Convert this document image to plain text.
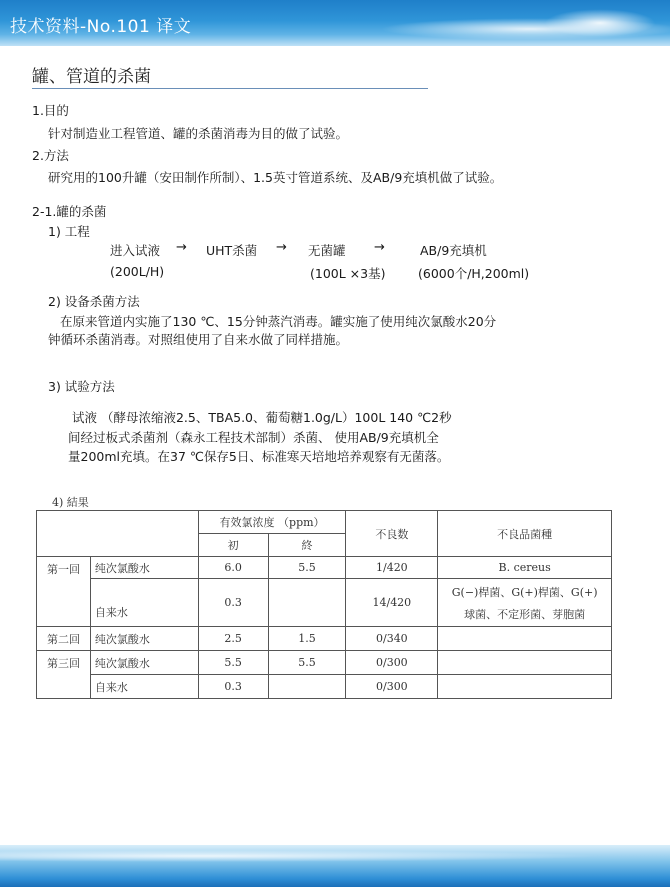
技术资料-No.101 译文
罐、管道的杀菌
1.目的
针对制造业工程管道、罐的杀菌消毒为目的做了试验。
2.方法
研究用的100升罐（安田制作所制）、1.5英寸管道系统、及AB/9充填机做了试验。
2-1.罐的杀菌
1) 工程
进入试液 → UHT杀菌 → 无菌罐 →	AB/9充填机
(200L/H)	(100L ×3基)	(6000个/H,200ml)
2) 设备杀菌方法
在原来管道内实施了130 ℃、15分钟蒸汽消毒。罐实施了使用纯次氯酸水20分
钟循环杀菌消毒。对照组使用了自来水做了同样措施。
3) 试验方法
试液 （酵母浓缩液2.5、TBA5.0、葡萄糖1.0g/L）100L 140 ℃2秒
间经过板式杀菌剂（森永工程技术部制）杀菌、 使用AB/9充填机全
量200ml充填。在37 ℃保存5日、标准寒天培地培养观察有无菌落。
4) 結果
		有效氯浓度 （ppm）		不良数	不良品菌種
		初	終		
第一回	纯次氯酸水	6.0	5.5	1/420	B. cereus
	自来水	0.3		14/420	G(−)桿菌、G(+)桿菌、G(+)
球菌、不定形菌、芽胞菌

第二回	纯次氯酸水	2.5	1.5	0/340	
第三回	纯次氯酸水	5.5	5.5	0/300	
	自来水	0.3		0/300	
